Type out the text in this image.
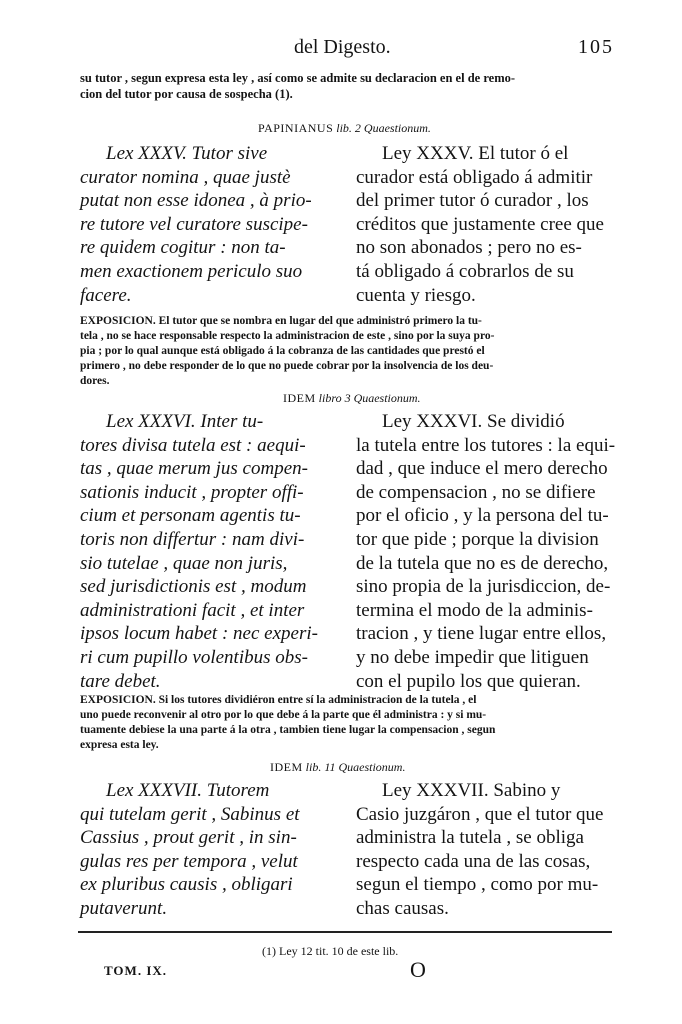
del Digesto.	105
su tutor , segun expresa esta ley , así como se admite su declaracion en el de remo-
cion del tutor por causa de sospecha (1).
PAPINIANUS lib. 2 Quaestionum.
Lex XXXV. Tutor sive
curator nomina , quae justè
putat non esse idonea , à prio-
re tutore vel curatore suscipe-
re quidem cogitur : non ta-
men exactionem periculo suo
facere.
Ley XXXV. El tutor ó el
curador está obligado á admitir
del primer tutor ó curador , los
créditos que justamente cree que
no son abonados ; pero no es-
tá obligado á cobrarlos de su
cuenta y riesgo.
EXPOSICION. El tutor que se nombra en lugar del que administró primero la tu-
tela , no se hace responsable respecto la administracion de este , sino por la suya pro-
pia ; por lo qual aunque está obligado á la cobranza de las cantidades que prestó el
primero , no debe responder de lo que no puede cobrar por la insolvencia de los deu-
dores.
IDEM libro 3 Quaestionum.
Lex XXXVI. Inter tu-
tores divisa tutela est : aequi-
tas , quae merum jus compen-
sationis inducit , propter offi-
cium et personam agentis tu-
toris non differtur : nam divi-
sio tutelae , quae non juris,
sed jurisdictionis est , modum
administrationi facit , et inter
ipsos locum habet : nec experi-
ri cum pupillo volentibus obs-
tare debet.
Ley XXXVI. Se dividió
la tutela entre los tutores : la equi-
dad , que induce el mero derecho
de compensacion , no se difiere
por el oficio , y la persona del tu-
tor que pide ; porque la division
de la tutela que no es de derecho,
sino propia de la jurisdiccion, de-
termina el modo de la adminis-
tracion , y tiene lugar entre ellos,
y no debe impedir que litiguen
con el pupilo los que quieran.
EXPOSICION. Si los tutores dividiéron entre sí la administracion de la tutela , el
uno puede reconvenir al otro por lo que debe á la parte que él administra : y si mu-
tuamente debiese la una parte á la otra , tambien tiene lugar la compensacion , segun
expresa esta ley.
IDEM lib. 11 Quaestionum.
Lex XXXVII. Tutorem
qui tutelam gerit , Sabinus et
Cassius , prout gerit , in sin-
gulas res per tempora , velut
ex pluribus causis , obligari
putaverunt.
Ley XXXVII. Sabino y
Casio juzgáron , que el tutor que
administra la tutela , se obliga
respecto cada una de las cosas,
segun el tiempo , como por mu-
chas causas.
(1) Ley 12 tit. 10 de este lib.
TOM. IX.	O
